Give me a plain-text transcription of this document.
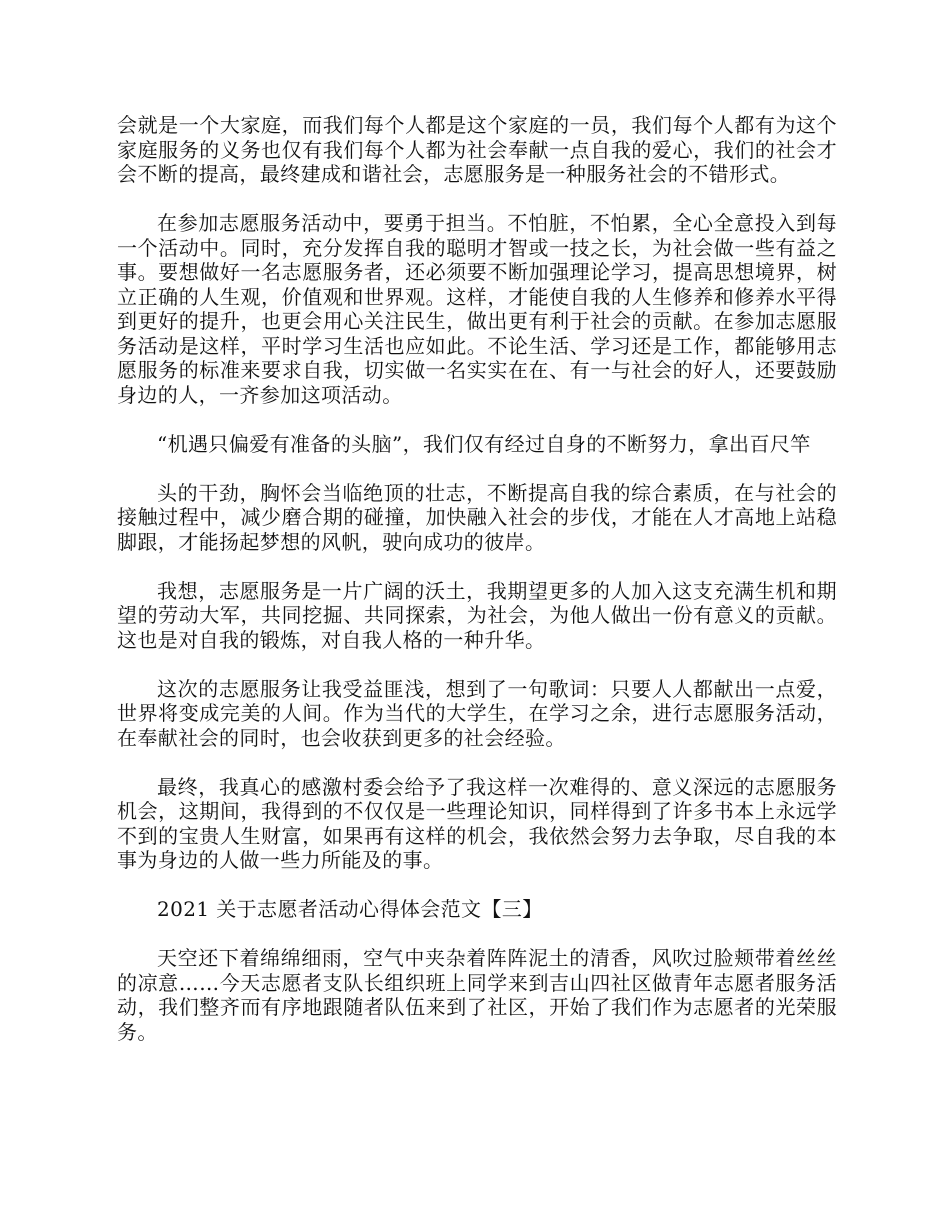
会就是一个大家庭，而我们每个人都是这个家庭的一员，我们每个人都有为这个家庭服务的义务也仅有我们每个人都为社会奉献一点自我的爱心，我们的社会才会不断的提高，最终建成和谐社会，志愿服务是一种服务社会的不错形式。

在参加志愿服务活动中，要勇于担当。不怕脏，不怕累，全心全意投入到每一个活动中。同时，充分发挥自我的聪明才智或一技之长，为社会做一些有益之事。要想做好一名志愿服务者，还必须要不断加强理论学习，提高思想境界，树立正确的人生观，价值观和世界观。这样，才能使自我的人生修养和修养水平得到更好的提升，也更会用心关注民生，做出更有利于社会的贡献。在参加志愿服务活动是这样，平时学习生活也应如此。不论生活、学习还是工作，都能够用志愿服务的标准来要求自我，切实做一名实实在在、有一与社会的好人，还要鼓励身边的人，一齐参加这项活动。

“机遇只偏爱有准备的头脑”，我们仅有经过自身的不断努力，拿出百尺竿

头的干劲，胸怀会当临绝顶的壮志，不断提高自我的综合素质，在与社会的接触过程中，减少磨合期的碰撞，加快融入社会的步伐，才能在人才高地上站稳脚跟，才能扬起梦想的风帆，驶向成功的彼岸。

我想，志愿服务是一片广阔的沃土，我期望更多的人加入这支充满生机和期望的劳动大军，共同挖掘、共同探索，为社会，为他人做出一份有意义的贡献。这也是对自我的锻炼，对自我人格的一种升华。

这次的志愿服务让我受益匪浅，想到了一句歌词：只要人人都献出一点爱，世界将变成完美的人间。作为当代的大学生，在学习之余，进行志愿服务活动，在奉献社会的同时，也会收获到更多的社会经验。

最终，我真心的感激村委会给予了我这样一次难得的、意义深远的志愿服务机会，这期间，我得到的不仅仅是一些理论知识，同样得到了许多书本上永远学不到的宝贵人生财富，如果再有这样的机会，我依然会努力去争取，尽自我的本事为身边的人做一些力所能及的事。

2021 关于志愿者活动心得体会范文【三】

天空还下着绵绵细雨，空气中夹杂着阵阵泥土的清香，风吹过脸颊带着丝丝的凉意……今天志愿者支队长组织班上同学来到吉山四社区做青年志愿者服务活动，我们整齐而有序地跟随者队伍来到了社区，开始了我们作为志愿者的光荣服务。
